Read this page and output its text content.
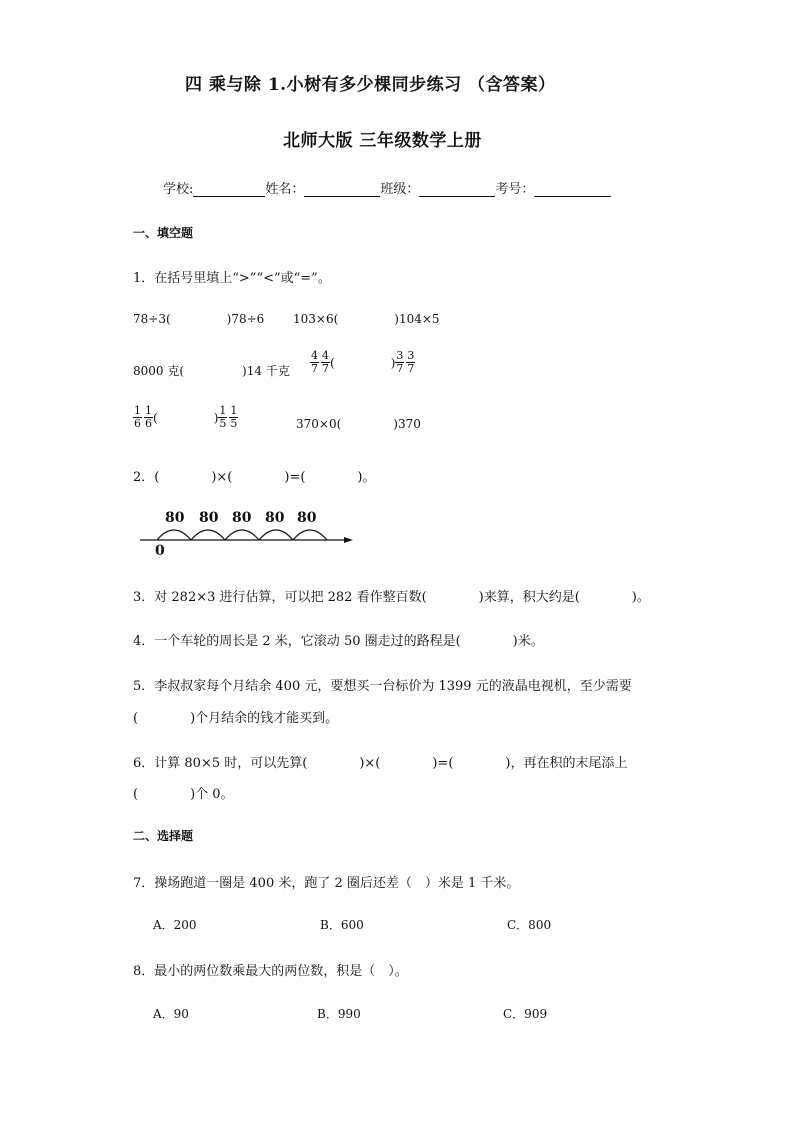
四 乘与除 1.小树有多少棵同步练习 （含答案）
北师大版 三年级数学上册
学校:	姓名：	班级：	考号：
一、填空题
1．在括号里填上“>”“<”或“=”。
78÷3(	)78÷6 103×6(	)104×5
8000 克(	)14 千克 $\frac{4}{7} \frac{4}{7}$ (	) $\frac{3}{7} \frac{3}{7}$
$\frac{1}{6} \frac{1}{6}$ (	) $\frac{1}{5} \frac{1}{5}$	370×0(	)370
2．(　　　　)×(　　　　)=(　　　　)。
80 80 80 80 80
0
3．对 282×3 进行估算，可以把 282 看作整百数(　　　　)来算，积大约是(　　　　)。
4．一个车轮的周长是 2 米，它滚动 50 圈走过的路程是(　　　　)米。
5．李叔叔家每个月结余 400 元，要想买一台标价为 1399 元的液晶电视机，至少需要
(　　　　)个月结余的钱才能买到。
6．计算 80×5 时，可以先算(　　　　)×(　　　　)=(　　　　)，再在积的末尾添上
(　　　　)个 0。
二、选择题
7．操场跑道一圈是 400 米，跑了 2 圈后还差（　）米是 1 千米。
A．200	B．600	C．800
8．最小的两位数乘最大的两位数，积是（　）。
A．90	B．990	C．909
